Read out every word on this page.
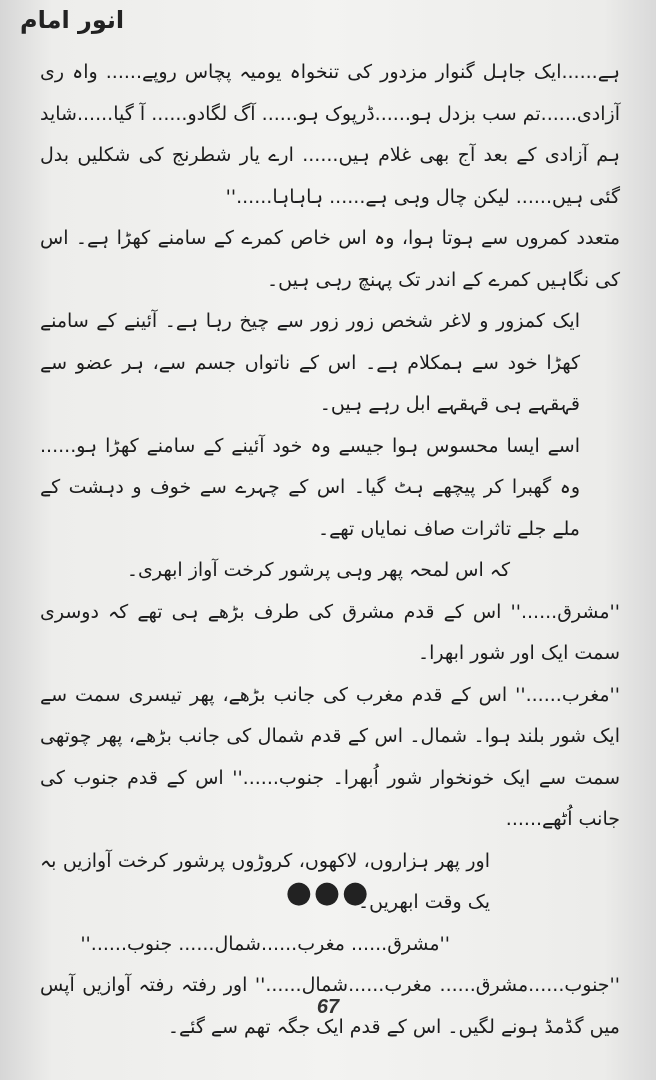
انور امام

ہے......ایک جاہل گنوار مزدور کی تنخواہ یومیہ پچاس روپے...... واہ ری آزادی......تم سب بزدل ہو......ڈرپوک ہو...... آگ لگادو...... آ گیا......شاید ہم آزادی کے بعد آج بھی غلام ہیں...... ارے یار شطرنج کی شکلیں بدل گئی ہیں...... لیکن چال وہی ہے...... ہاہاہا......''

متعدد کمروں سے ہوتا ہوا، وہ اس خاص کمرے کے سامنے کھڑا ہے۔ اس کی نگاہیں کمرے کے اندر تک پہنچ رہی ہیں۔

ایک کمزور و لاغر شخص زور زور سے چیخ رہا ہے۔ آئینے کے سامنے کھڑا خود سے ہمکلام ہے۔ اس کے ناتواں جسم سے، ہر عضو سے قہقہے ہی قہقہے ابل رہے ہیں۔

اسے ایسا محسوس ہوا جیسے وہ خود آئینے کے سامنے کھڑا ہو...... وہ گھبرا کر پیچھے ہٹ گیا۔ اس کے چہرے سے خوف و دہشت کے ملے جلے تاثرات صاف نمایاں تھے۔

کہ اس لمحہ پھر وہی پرشور کرخت آواز ابھری۔

''مشرق......'' اس کے قدم مشرق کی طرف بڑھے ہی تھے کہ دوسری سمت ایک اور شور ابھرا۔

''مغرب......'' اس کے قدم مغرب کی جانب بڑھے، پھر تیسری سمت سے ایک شور بلند ہوا۔ شمال۔ اس کے قدم شمال کی جانب بڑھے، پھر چوتھی سمت سے ایک خونخوار شور اُبھرا۔ جنوب......'' اس کے قدم جنوب کی جانب اُٹھے......

اور پھر ہزاروں، لاکھوں، کروڑوں پرشور کرخت آوازیں بہ یک وقت ابھریں۔

''مشرق...... مغرب......شمال...... جنوب......''

''جنوب......مشرق...... مغرب......شمال......'' اور رفتہ رفتہ آوازیں آپس میں گڈمڈ ہونے لگیں۔ اس کے قدم ایک جگہ تھم سے گئے۔

●●●
67
